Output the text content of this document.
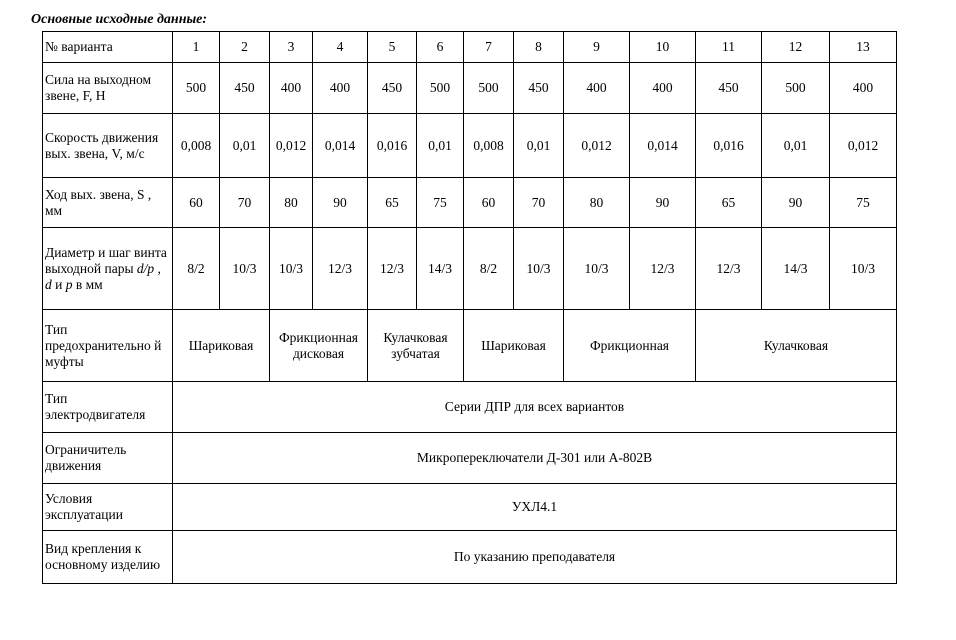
Основные исходные данные:
№ варианта	1	2	3	4	5	6	7	8	9	10	11	12	13
Сила на выходном звене, F, Н	500	450	400	400	450	500	500	450	400	400	450	500	400
Скорость движения вых. звена, V, м/с	0,008	0,01	0,012	0,014	0,016	0,01	0,008	0,01	0,012	0,014	0,016	0,01	0,012
Ход вых. звена, S , мм	60	70	80	90	65	75	60	70	80	90	65	90	75
Диаметр и шаг винта выходной пары d/p , d и p в мм	8/2	10/3	10/3	12/3	12/3	14/3	8/2	10/3	10/3	12/3	12/3	14/3	10/3
Тип предохранительно й муфты	Шариковая		Фрикционная дисковая		Кулачковая зубчатая		Шариковая		Фрикционная		Кулачковая		
Тип электродвигателя	Серии ДПР для всех вариантов												
Ограничитель движения	Микропереключатели Д-301 или А-802В												
Условия эксплуатации	УХЛ4.1												
Вид крепления к основному изделию	По указанию преподавателя												
